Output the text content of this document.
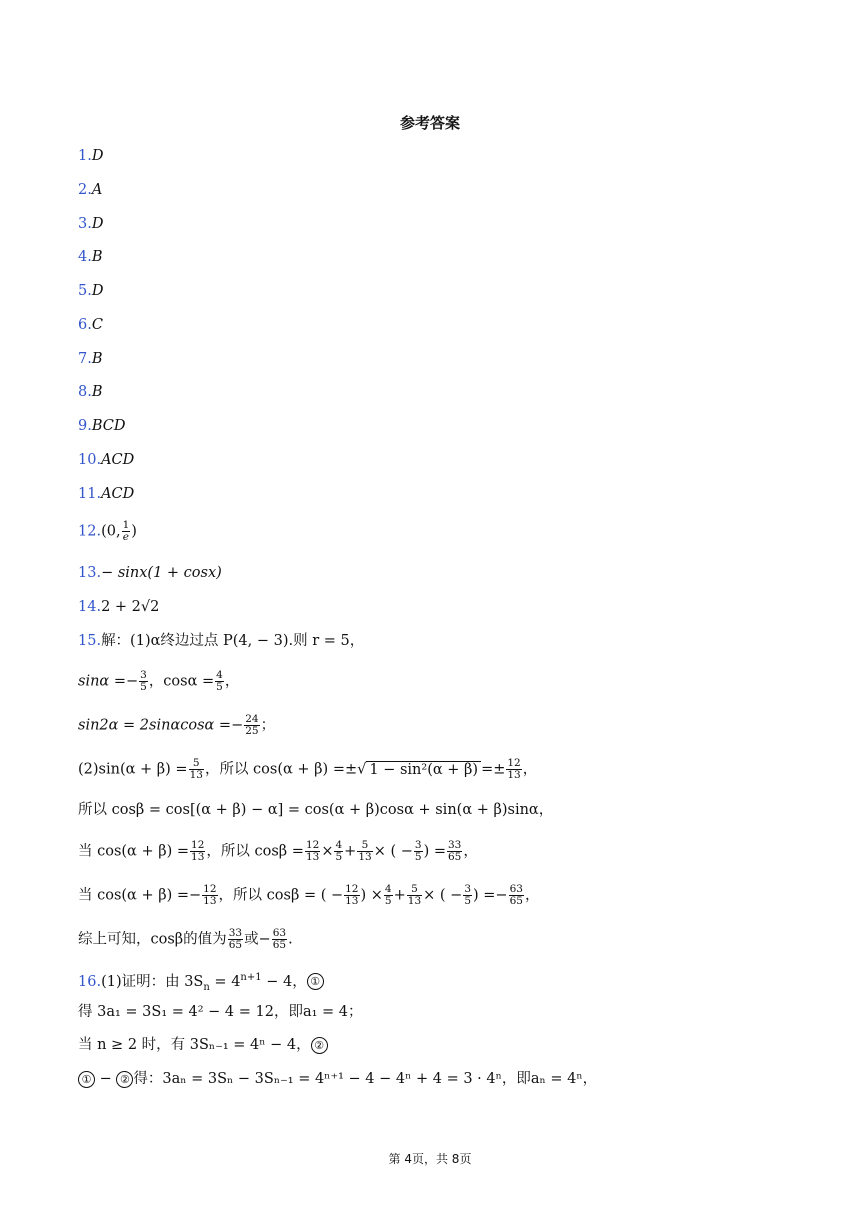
参考答案
1.D
2.A
3.D
4.B
5.D
6.C
7.B
8.B
9.BCD
10.ACD
11.ACD
12.(0, $\frac{1}{e}$ )
13.− sinx(1 + cosx)
14.2 + 2√2
15.解：(1)α终边过点 P(4, − 3).则 r = 5，
$\sin\alpha =- \frac{3}{5}$ ，$\cos\alpha = \frac{4}{5}$ ，
$\sin 2\alpha = 2\sin\alpha\cos\alpha =- \frac{24}{25}$ ；
$(2)\sin(\alpha + \beta) = \frac{5}{13}$ ，所以 cos(α + β) =±√ $1 - \sin^2(\alpha + \beta) =\pm \frac{12}{13}$ ，
所以 cosβ = cos[(α + β) − α] = cos(α + β)cosα + sin(α + β)sinα，
当 $\cos(\alpha + \beta) = \frac{12}{13}$ ，所以 $\cos\beta = \frac{12}{13} \times \frac{4}{5} + \frac{5}{13}$ × ( − $\frac{3}{5}$ ) = $\frac{33}{65}$ ，
当 $\cos(\alpha + \beta) =- \frac{12}{13}$ ，所以 cosβ = ( − $\frac{12}{13}$ ) × $\frac{4}{5} + \frac{5}{13}$ × ( − $\frac{3}{5}$ ) =− $\frac{63}{65}$ ，
综上可知，cosβ的值为 $\frac{33}{65}$ 或− $\frac{63}{65}$ .
16.(1)证明：由 $3S_n = 4^{n+1} - 4$， ①
得 3a₁ = 3S₁ = 4² − 4 = 12，即a₁ = 4；
当 n ≥ 2 时，有 3Sₙ₋₁ = 4ⁿ − 4， ②
① − ② 得：3aₙ = 3Sₙ − 3Sₙ₋₁ = 4ⁿ⁺¹ − 4 − 4ⁿ + 4 = 3 · 4ⁿ，即aₙ = 4ⁿ，
第 4页，共 8页
